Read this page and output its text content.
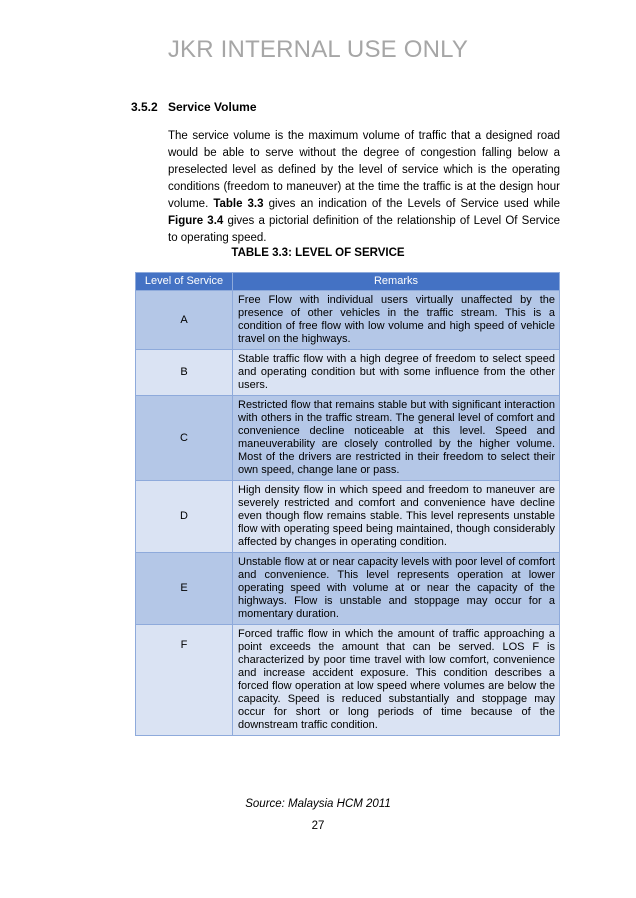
JKR INTERNAL USE ONLY
3.5.2 Service Volume
The service volume is the maximum volume of traffic that a designed road would be able to serve without the degree of congestion falling below a preselected level as defined by the level of service which is the operating conditions (freedom to maneuver) at the time the traffic is at the design hour volume. Table 3.3 gives an indication of the Levels of Service used while Figure 3.4 gives a pictorial definition of the relationship of Level Of Service to operating speed.
TABLE 3.3: LEVEL OF SERVICE
Level of Service	Remarks
A	Free Flow with individual users virtually unaffected by the presence of other vehicles in the traffic stream. This is a condition of free flow with low volume and high speed of vehicle travel on the highways.
B	Stable traffic flow with a high degree of freedom to select speed and operating condition but with some influence from the other users.
C	Restricted flow that remains stable but with significant interaction with others in the traffic stream. The general level of comfort and convenience decline noticeable at this level. Speed and maneuverability are closely controlled by the higher volume. Most of the drivers are restricted in their freedom to select their own speed, change lane or pass.
D	High density flow in which speed and freedom to maneuver are severely restricted and comfort and convenience have decline even though flow remains stable. This level represents unstable flow with operating speed being maintained, though considerably affected by changes in operating condition.
E	Unstable flow at or near capacity levels with poor level of comfort and convenience. This level represents operation at lower operating speed with volume at or near the capacity of the highways. Flow is unstable and stoppage may occur for a momentary duration.
F	Forced traffic flow in which the amount of traffic approaching a point exceeds the amount that can be served. LOS F is characterized by poor time travel with low comfort, convenience and increase accident exposure. This condition describes a forced flow operation at low speed where volumes are below the capacity. Speed is reduced substantially and stoppage may occur for short or long periods of time because of the downstream traffic condition.
Source: Malaysia HCM 2011
27
